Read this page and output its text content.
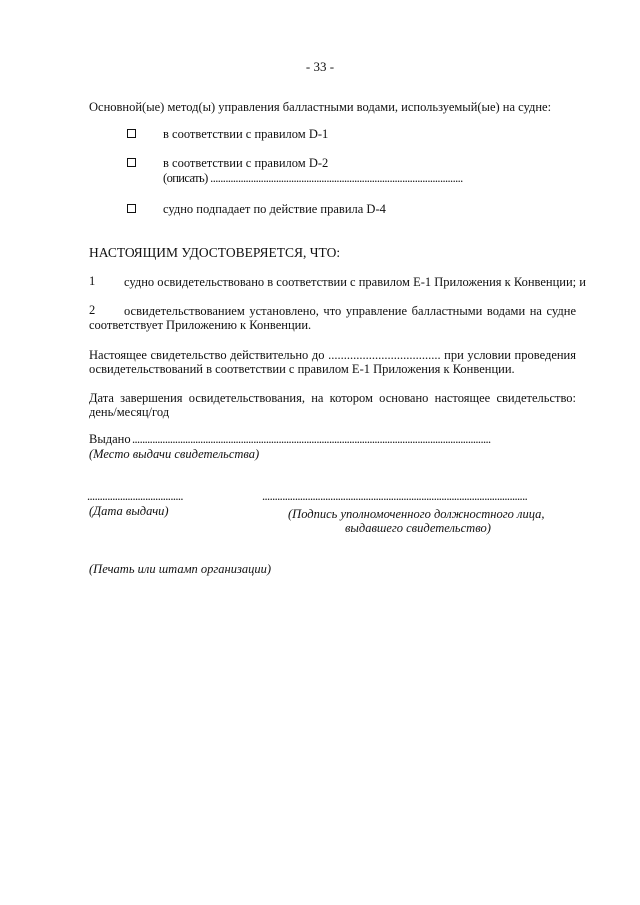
- 33 -
Основной(ые) метод(ы) управления балластными водами, используемый(ые) на судне:
в соответствии с правилом D-1
в соответствии с правилом D-2
(описать) ....................................................................................................
судно подпадает по действие правила D-4
НАСТОЯЩИМ УДОСТОВЕРЯЕТСЯ, ЧТО:
1 судно освидетельствовано в соответствии с правилом E-1 Приложения к Конвенции; и
2 освидетельствованием установлено, что управление балластными водами на судне
соответствует Приложению к Конвенции.
Настоящее свидетельство действительно до .................................... при условии проведения
освидетельствований в соответствии с правилом E-1 Приложения к Конвенции.
Дата завершения освидетельствования, на котором основано настоящее свидетельство:
день/месяц/год
Выдано ..............................................................................................................................................
(Место выдачи свидетельства)
......................................
(Дата выдачи)
.........................................................................................................
(Подпись уполномоченного должностного лица,
выдавшего свидетельство)
(Печать или штамп организации)
